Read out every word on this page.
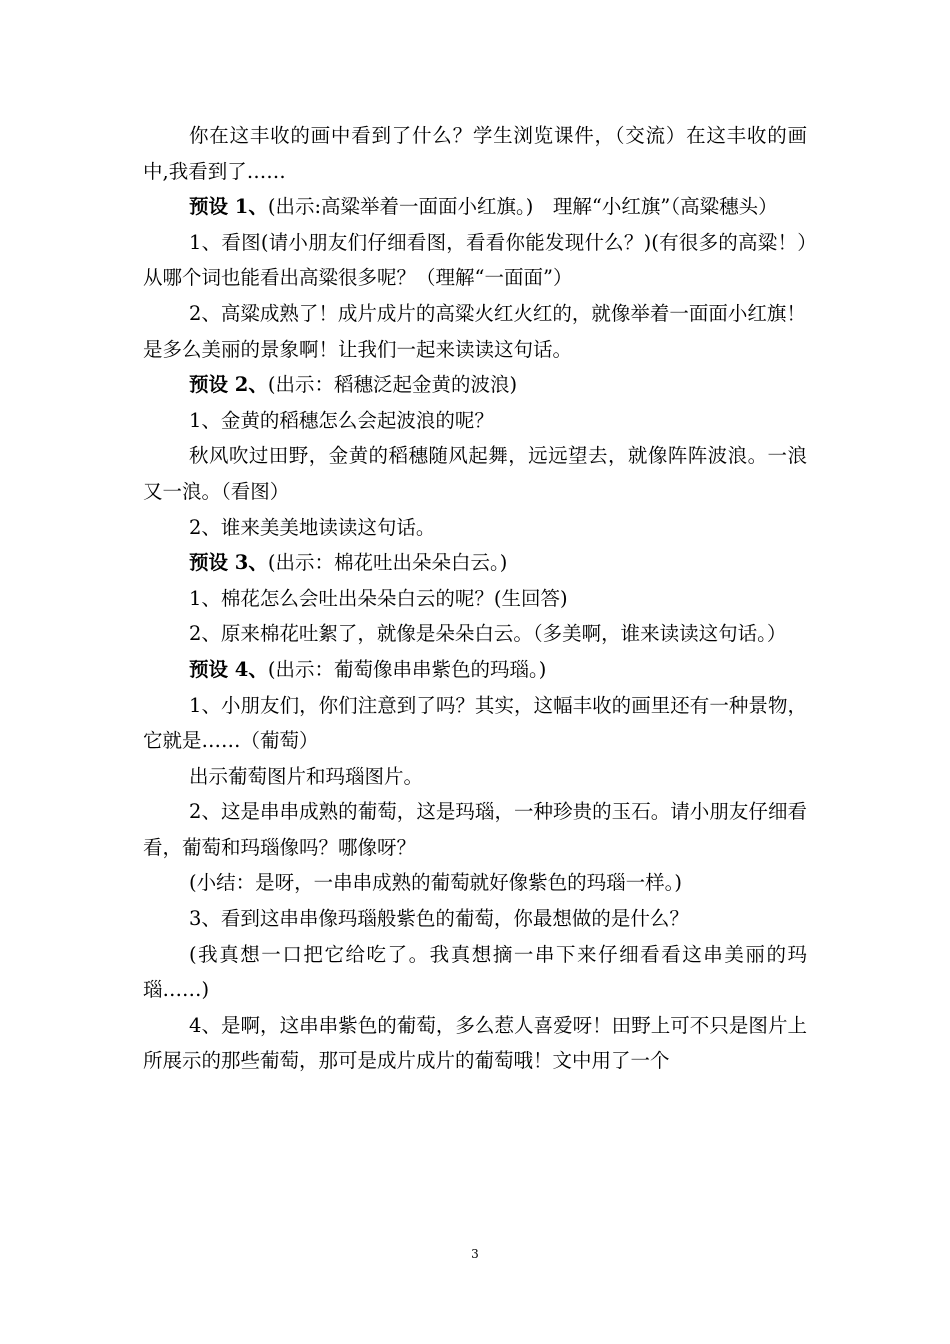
你在这丰收的画中看到了什么？学生浏览课件，（交流）在这丰收的画中,我看到了……

预设 1、(出示:高粱举着一面面小红旗。)　理解“小红旗”（高粱穗头）

1、看图(请小朋友们仔细看图，看看你能发现什么？)(有很多的高粱！）从哪个词也能看出高粱很多呢？（理解“一面面”）

2、高粱成熟了！成片成片的高粱火红火红的，就像举着一面面小红旗！

是多么美丽的景象啊！让我们一起来读读这句话。

预设 2、(出示：稻穗泛起金黄的波浪)

1、金黄的稻穗怎么会起波浪的呢？

秋风吹过田野，金黄的稻穗随风起舞，远远望去，就像阵阵波浪。一浪又一浪。（看图）

2、谁来美美地读读这句话。

预设 3、(出示：棉花吐出朵朵白云。)

1、棉花怎么会吐出朵朵白云的呢？(生回答)

2、原来棉花吐絮了，就像是朵朵白云。（多美啊，谁来读读这句话。）

预设 4、(出示：葡萄像串串紫色的玛瑙。)

1、小朋友们，你们注意到了吗？其实，这幅丰收的画里还有一种景物，它就是……（葡萄）

出示葡萄图片和玛瑙图片。

2、这是串串成熟的葡萄，这是玛瑙，一种珍贵的玉石。请小朋友仔细看看，葡萄和玛瑙像吗？哪像呀？

(小结：是呀，一串串成熟的葡萄就好像紫色的玛瑙一样。)

3、看到这串串像玛瑙般紫色的葡萄，你最想做的是什么？

(我真想一口把它给吃了。我真想摘一串下来仔细看看这串美丽的玛瑙……)

4、是啊，这串串紫色的葡萄，多么惹人喜爱呀！田野上可不只是图片上所展示的那些葡萄，那可是成片成片的葡萄哦！文中用了一个

3
